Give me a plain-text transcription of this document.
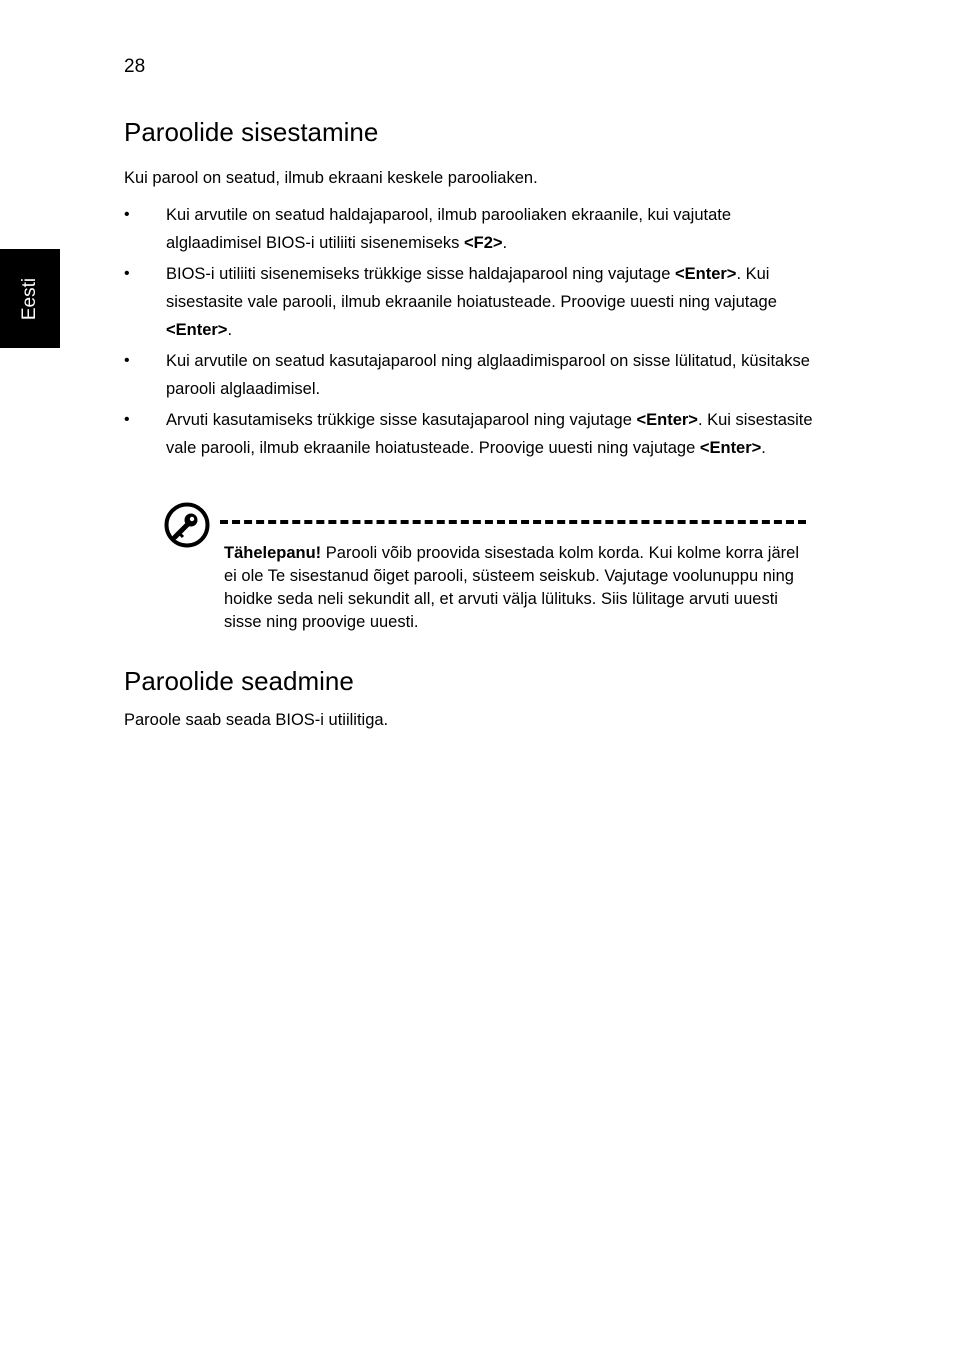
28
Eesti
Paroolide sisestamine
Kui parool on seatud, ilmub ekraani keskele parooliaken.
• Kui arvutile on seatud haldajaparool, ilmub parooliaken ekraanile, kui vajutate alglaadimisel BIOS-i utiliiti sisenemiseks <F2>.
• BIOS-i utiliiti sisenemiseks trükkige sisse haldajaparool ning vajutage <Enter>. Kui sisestasite vale parooli, ilmub ekraanile hoiatusteade. Proovige uuesti ning vajutage <Enter>.
• Kui arvutile on seatud kasutajaparool ning alglaadimisparool on sisse lülitatud, küsitakse parooli alglaadimisel.
• Arvuti kasutamiseks trükkige sisse kasutajaparool ning vajutage <Enter>. Kui sisestasite vale parooli, ilmub ekraanile hoiatusteade. Proovige uuesti ning vajutage <Enter>.
Tähelepanu! Parooli võib proovida sisestada kolm korda. Kui kolme korra järel ei ole Te sisestanud õiget parooli, süsteem seiskub. Vajutage voolunuppu ning hoidke seda neli sekundit all, et arvuti välja lülituks. Siis lülitage arvuti uuesti sisse ning proovige uuesti.
Paroolide seadmine
Paroole saab seada BIOS-i utiilitiga.
